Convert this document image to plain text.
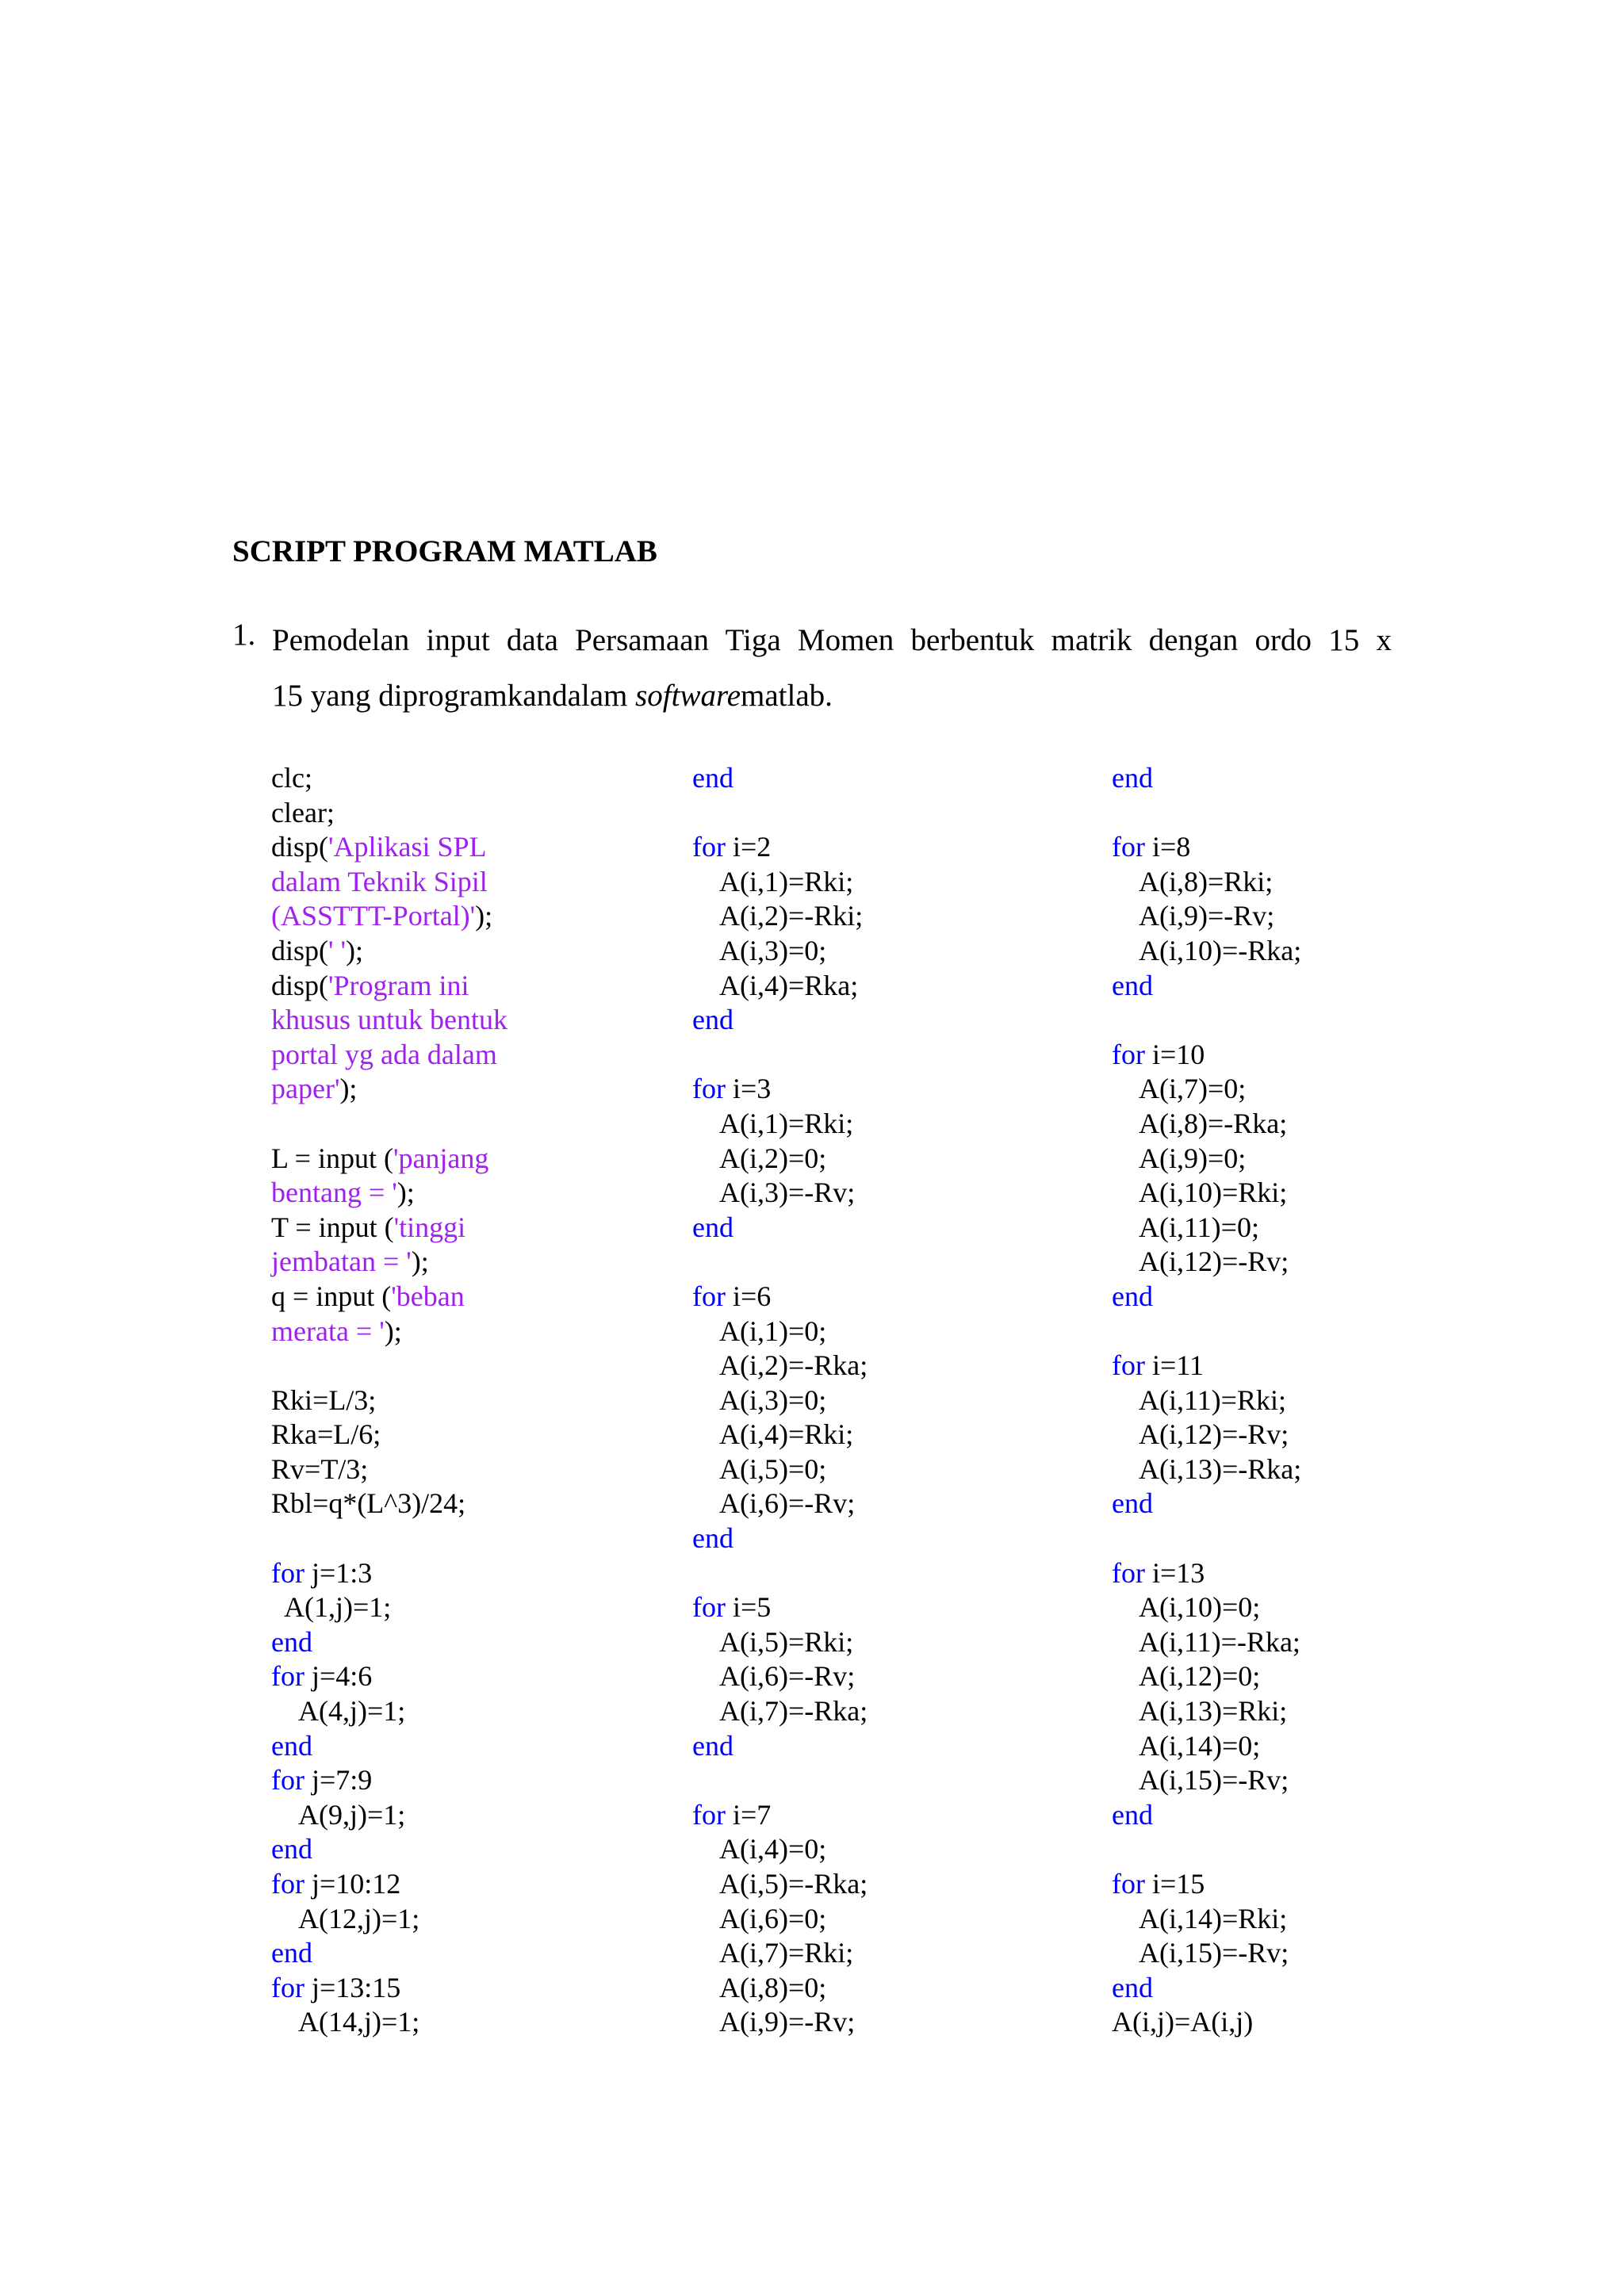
SCRIPT PROGRAM MATLAB
1. Pemodelan input data Persamaan Tiga Momen berbentuk matrik dengan ordo 15 x
15 yang diprogramkandalam softwarematlab.
clc;
clear;
disp('Aplikasi SPL
dalam Teknik Sipil
(ASSTTT-Portal)');
disp(' ');
disp('Program ini
khusus untuk bentuk
portal yg ada dalam
paper');
L = input ('panjang
bentang = ');
T = input ('tinggi
jembatan = ');
q = input ('beban
merata = ');
Rki=L/3;
Rka=L/6;
Rv=T/3;
Rbl=q*(L^3)/24;
for j=1:3
A(1,j)=1;
end
for j=4:6
A(4,j)=1;
end
for j=7:9
A(9,j)=1;
end
for j=10:12
A(12,j)=1;
end
for j=13:15
A(14,j)=1;
end
for i=2
A(i,1)=Rki;
A(i,2)=-Rki;
A(i,3)=0;
A(i,4)=Rka;
end
for i=3
A(i,1)=Rki;
A(i,2)=0;
A(i,3)=-Rv;
end
for i=6
A(i,1)=0;
A(i,2)=-Rka;
A(i,3)=0;
A(i,4)=Rki;
A(i,5)=0;
A(i,6)=-Rv;
end
for i=5
A(i,5)=Rki;
A(i,6)=-Rv;
A(i,7)=-Rka;
end
for i=7
A(i,4)=0;
A(i,5)=-Rka;
A(i,6)=0;
A(i,7)=Rki;
A(i,8)=0;
A(i,9)=-Rv;
end
for i=8
A(i,8)=Rki;
A(i,9)=-Rv;
A(i,10)=-Rka;
end
for i=10
A(i,7)=0;
A(i,8)=-Rka;
A(i,9)=0;
A(i,10)=Rki;
A(i,11)=0;
A(i,12)=-Rv;
end
for i=11
A(i,11)=Rki;
A(i,12)=-Rv;
A(i,13)=-Rka;
end
for i=13
A(i,10)=0;
A(i,11)=-Rka;
A(i,12)=0;
A(i,13)=Rki;
A(i,14)=0;
A(i,15)=-Rv;
end
for i=15
A(i,14)=Rki;
A(i,15)=-Rv;
end
A(i,j)=A(i,j)
